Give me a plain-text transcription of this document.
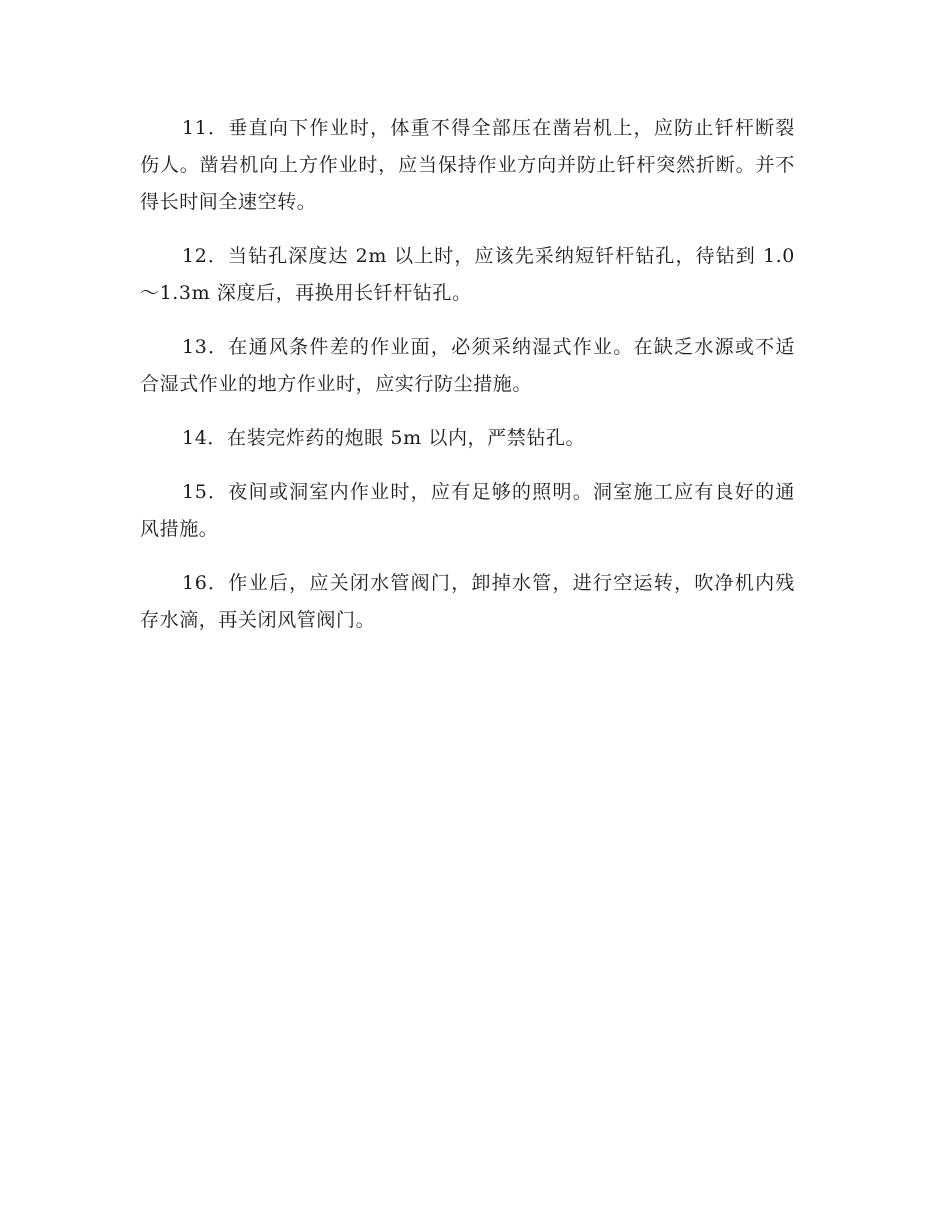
11．垂直向下作业时，体重不得全部压在凿岩机上，应防止钎杆断裂伤人。凿岩机向上方作业时，应当保持作业方向并防止钎杆突然折断。并不得长时间全速空转。

12．当钻孔深度达 2m 以上时，应该先采纳短钎杆钻孔，待钻到 1.0～1.3m 深度后，再换用长钎杆钻孔。

13．在通风条件差的作业面，必须采纳湿式作业。在缺乏水源或不适合湿式作业的地方作业时，应实行防尘措施。

14．在装完炸药的炮眼 5m 以内，严禁钻孔。

15．夜间或洞室内作业时，应有足够的照明。洞室施工应有良好的通风措施。

16．作业后，应关闭水管阀门，卸掉水管，进行空运转，吹净机内残存水滴，再关闭风管阀门。
